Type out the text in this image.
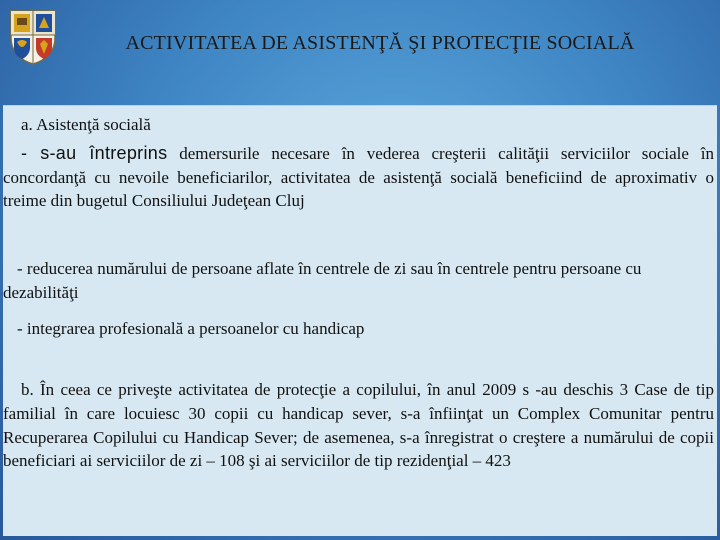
ACTIVITATEA DE ASISTENŢĂ ŞI PROTECŢIE SOCIALĂ
a. Asistenţă socială

- s-au întreprins demersurile necesare în vederea creşterii calităţii serviciilor sociale în concordanţă cu nevoile beneficiarilor, activitatea de asistenţă socială beneficiind de aproximativ o treime din bugetul Consiliului Judeţean Cluj

- reducerea numărului de persoane aflate în centrele de zi sau în centrele pentru persoane cu dezabilităţi

- integrarea profesională a persoanelor cu handicap

b. În ceea ce priveşte activitatea de protecţie a copilului, în anul 2009 s -au deschis 3 Case de tip familial în care locuiesc 30 copii cu handicap sever, s-a înfiinţat un Complex Comunitar pentru Recuperarea Copilului cu Handicap Sever; de asemenea, s-a înregistrat o creştere a numărului de copii beneficiari ai serviciilor de zi – 108 şi ai serviciilor de tip rezidenţial – 423
